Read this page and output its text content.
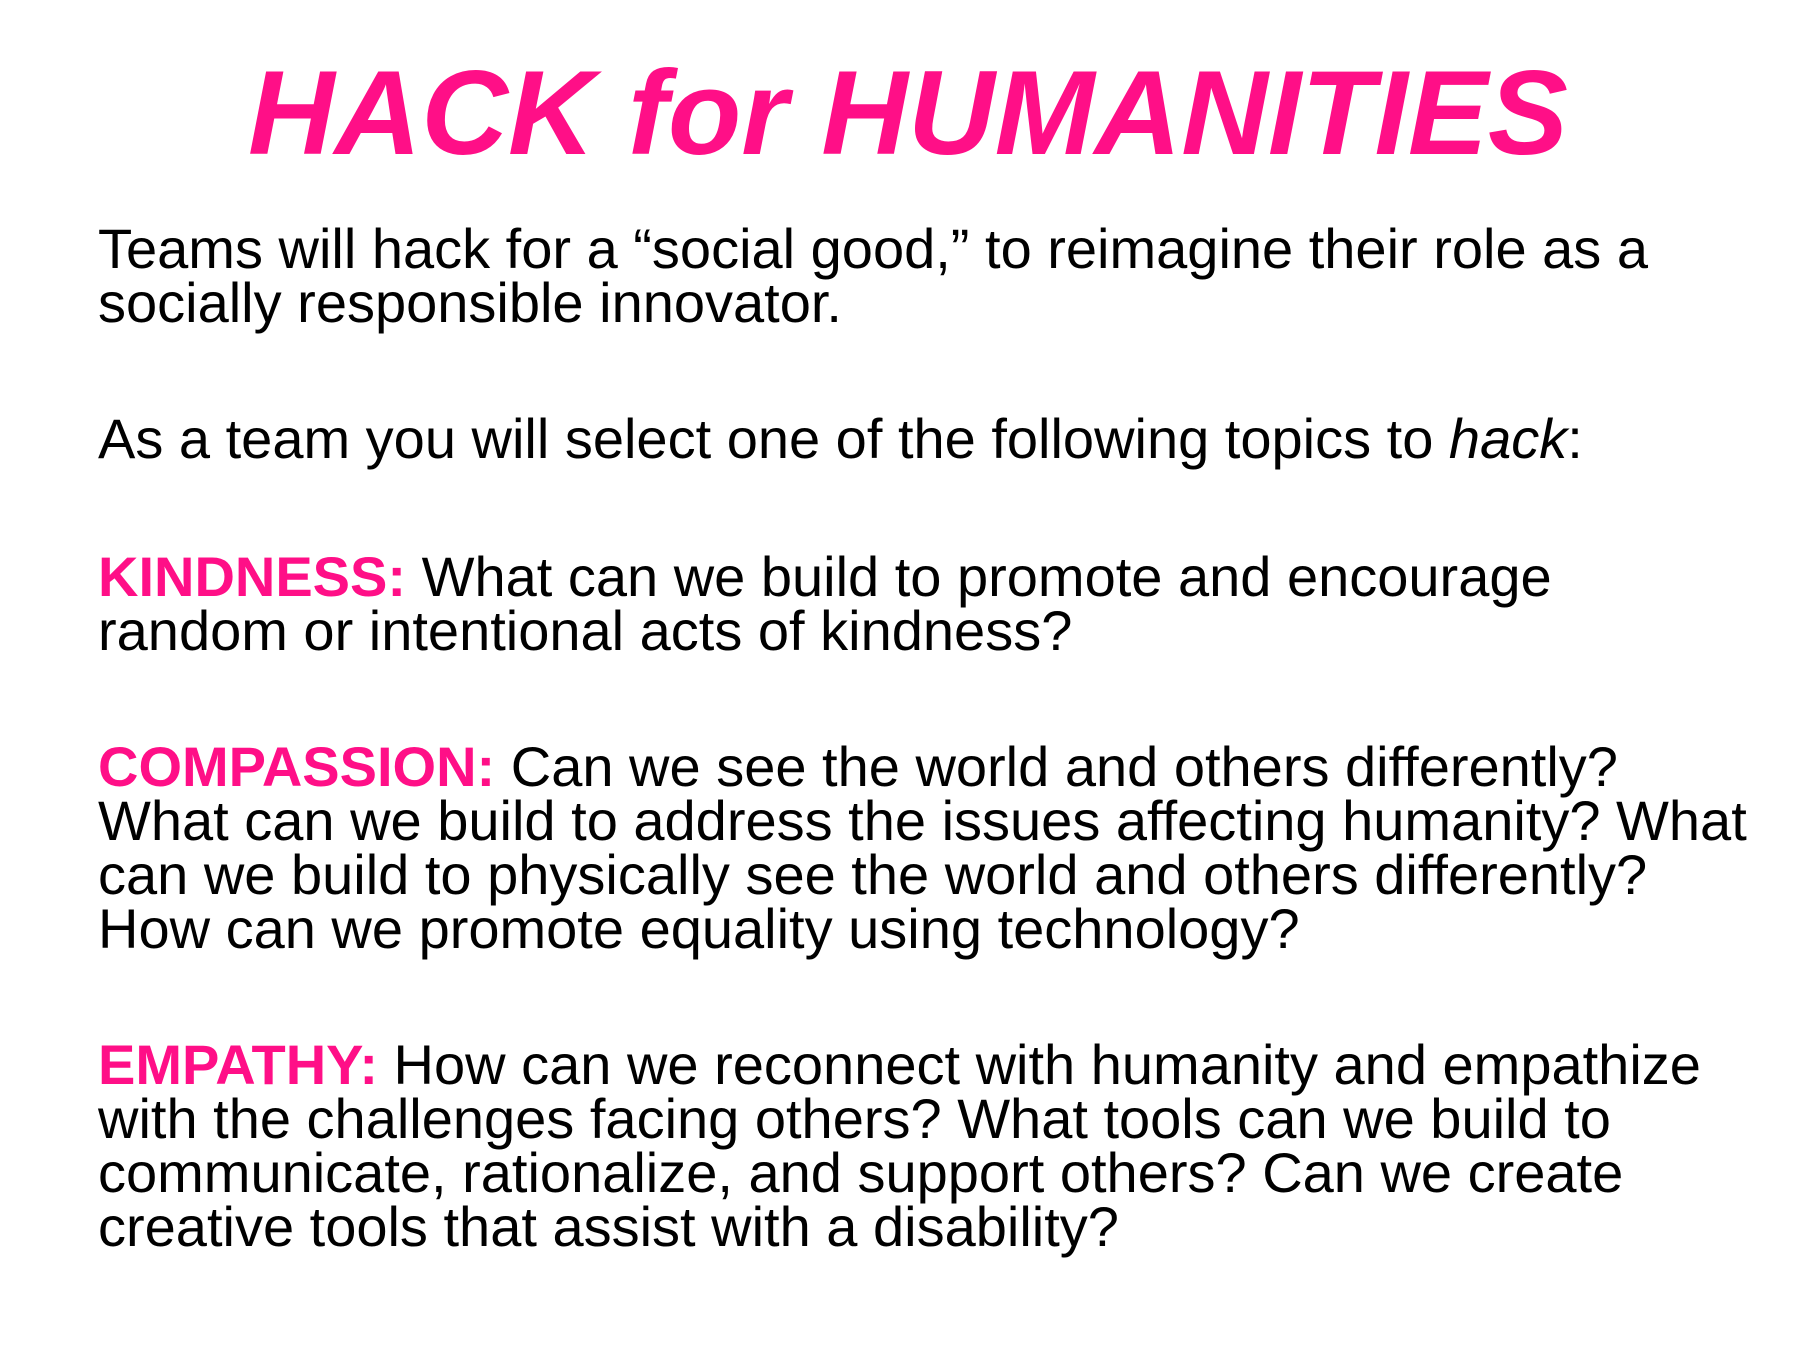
HACK for HUMANITIES

Teams will hack for a “social good,” to reimagine their role as a
socially responsible innovator.

As a team you will select one of the following topics to hack:

KINDNESS: What can we build to promote and encourage
random or intentional acts of kindness?

COMPASSION: Can we see the world and others differently?
What can we build to address the issues affecting humanity? What
can we build to physically see the world and others differently?
How can we promote equality using technology?

EMPATHY: How can we reconnect with humanity and empathize
with the challenges facing others? What tools can we build to
communicate, rationalize, and support others? Can we create
creative tools that assist with a disability?
